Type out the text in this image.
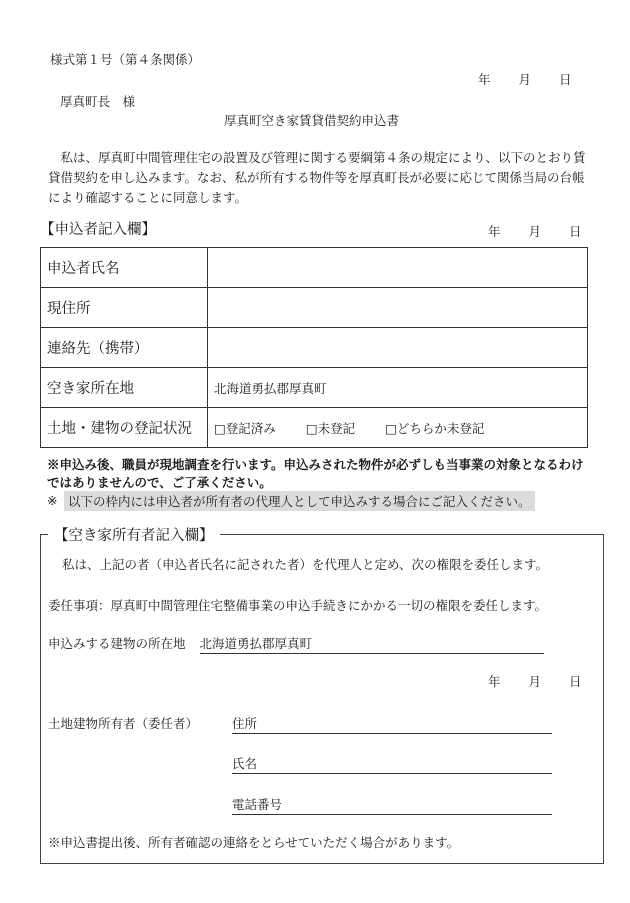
様式第１号（第４条関係）
年 月 日
厚真町長　様
厚真町空き家賃貸借契約申込書
私は、厚真町中間管理住宅の設置及び管理に関する要綱第４条の規定により、以下のとおり賃貸借契約を申し込みます。なお、私が所有する物件等を厚真町長が必要に応じて関係当局の台帳により確認することに同意します。
【申込者記入欄】	年 月 日
申込者氏名	
現住所	
連絡先（携帯）	
空き家所在地	北海道勇払郡厚真町
土地・建物の登記状況	□登記済み □未登記 □どちらか未登記
※申込み後、職員が現地調査を行います。申込みされた物件が必ずしも当事業の対象となるわけではありませんので、ご了承ください。
※ 以下の枠内には申込者が所有者の代理人として申込みする場合にご記入ください。
【空き家所有者記入欄】
私は、上記の者（申込者氏名に記された者）を代理人と定め、次の権限を委任します。
委任事項：厚真町中間管理住宅整備事業の申込手続きにかかる一切の権限を委任します。
申込みする建物の所在地 北海道勇払郡厚真町
年 月 日
土地建物所有者（委任者）	住所
氏名
電話番号
※申込書提出後、所有者確認の連絡をとらせていただく場合があります。
